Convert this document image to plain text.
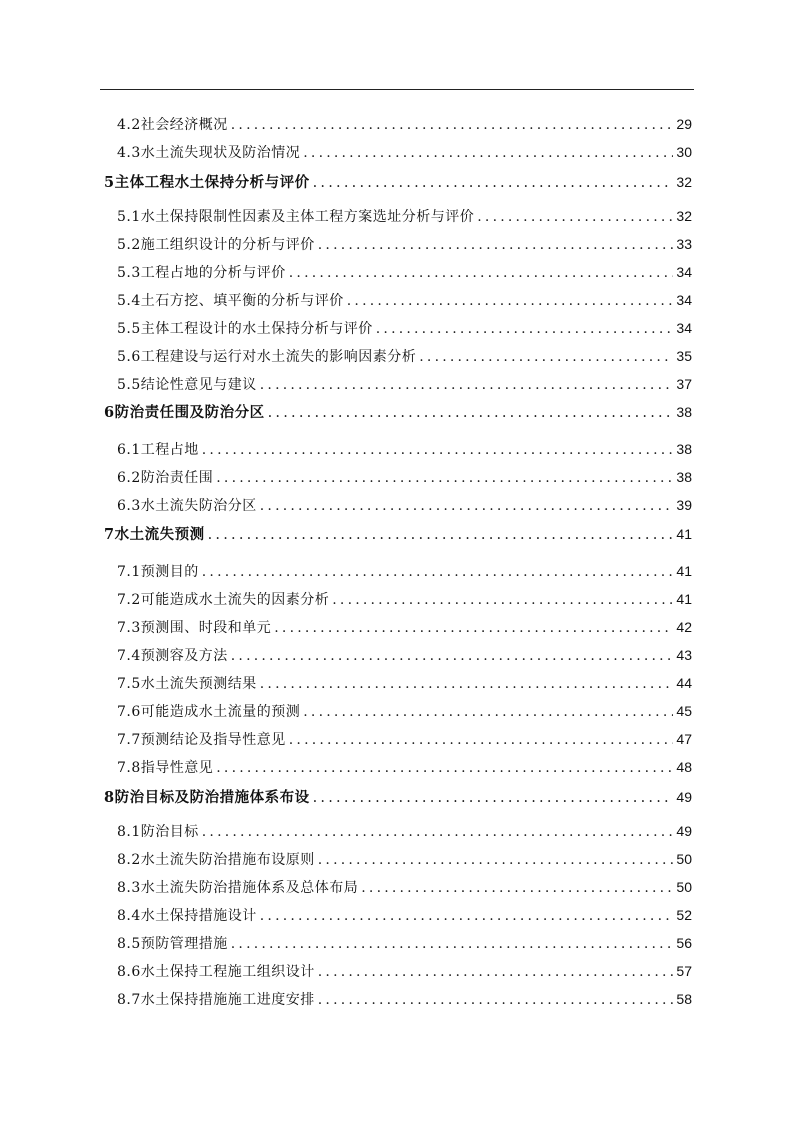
4.2社会经济概况 .....	29
4.3水土流失现状及防治情况 .....	30
5主体工程水土保持分析与评价 .....	32
5.1水土保持限制性因素及主体工程方案选址分析与评价 .....	32
5.2施工组织设计的分析与评价 .....	33
5.3工程占地的分析与评价 .....	34
5.4土石方挖、填平衡的分析与评价 .....	34
5.5主体工程设计的水土保持分析与评价 .....	34
5.6工程建设与运行对水土流失的影响因素分析 .....	35
5.5结论性意见与建议 .....	37
6防治责任围及防治分区 .....	38
6.1工程占地 .....	38
6.2防治责任围 .....	38
6.3水土流失防治分区 .....	39
7水土流失预测 .....	41
7.1预测目的 .....	41
7.2可能造成水土流失的因素分析 .....	41
7.3预测围、时段和单元 .....	42
7.4预测容及方法 .....	43
7.5水土流失预测结果 .....	44
7.6可能造成水土流量的预测 .....	45
7.7预测结论及指导性意见 .....	47
7.8指导性意见 .....	48
8防治目标及防治措施体系布设 .....	49
8.1防治目标 .....	49
8.2水土流失防治措施布设原则 .....	50
8.3水土流失防治措施体系及总体布局 .....	50
8.4水土保持措施设计 .....	52
8.5预防管理措施 .....	56
8.6水土保持工程施工组织设计 .....	57
8.7水土保持措施施工进度安排 .....	58
